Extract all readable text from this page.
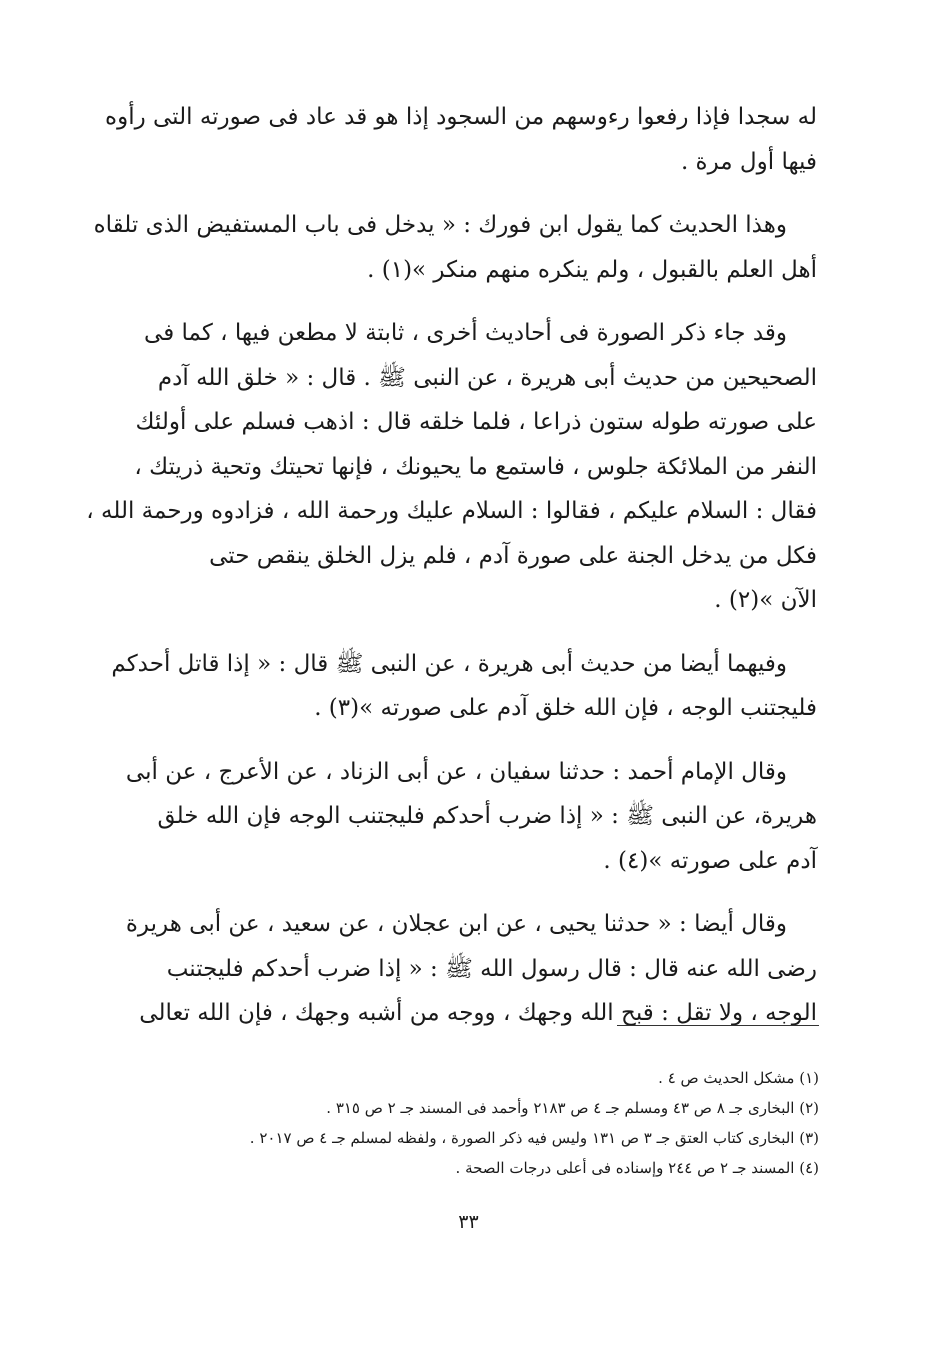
له سجدا فإذا رفعوا رءوسهم من السجود إذا هو قد عاد فى صورته التى رأوه
فيها أول مرة .

وهذا الحديث كما يقول ابن فورك : « يدخل فى باب المستفيض الذى تلقاه
أهل العلم بالقبول ، ولم ينكره منهم منكر »(١) .

وقد جاء ذكر الصورة فى أحاديث أخرى ، ثابتة لا مطعن فيها ، كما فى
الصحيحين من حديث أبى هريرة ، عن النبى ﷺ . قال : « خلق الله آدم
على صورته طوله ستون ذراعا ، فلما خلقه قال : اذهب فسلم على أولئك
النفر من الملائكة جلوس ، فاستمع ما يحيونك ، فإنها تحيتك وتحية ذريتك ،
فقال : السلام عليكم ، فقالوا : السلام عليك ورحمة الله ، فزادوه ورحمة الله ،
فكل من يدخل الجنة على صورة آدم ، فلم يزل الخلق ينقص حتى
الآن »(٢) .

وفيهما أيضا من حديث أبى هريرة ، عن النبى ﷺ قال : « إذا قاتل أحدكم
فليجتنب الوجه ، فإن الله خلق آدم على صورته »(٣) .

وقال الإمام أحمد : حدثنا سفيان ، عن أبى الزناد ، عن الأعرج ، عن أبى
هريرة، عن النبى ﷺ : « إذا ضرب أحدكم فليجتنب الوجه فإن الله خلق
آدم على صورته »(٤) .

وقال أيضا : « حدثنا يحيى ، عن ابن عجلان ، عن سعيد ، عن أبى هريرة
رضى الله عنه قال : قال رسول الله ﷺ : « إذا ضرب أحدكم فليجتنب
الوجه ، ولا تقل : قبح الله وجهك ، ووجه من أشبه وجهك ، فإن الله تعالى

(١) مشكل الحديث ص ٤ .
(٢) البخارى جـ ٨ ص ٤٣ ومسلم جـ ٤ ص ٢١٨٣ وأحمد فى المسند جـ ٢ ص ٣١٥ .
(٣) البخارى كتاب العتق جـ ٣ ص ١٣١ وليس فيه ذكر الصورة ، ولفظه لمسلم جـ ٤ ص ٢٠١٧ .
(٤) المسند جـ ٢ ص ٢٤٤ وإسناده فى أعلى درجات الصحة .
٣٣
